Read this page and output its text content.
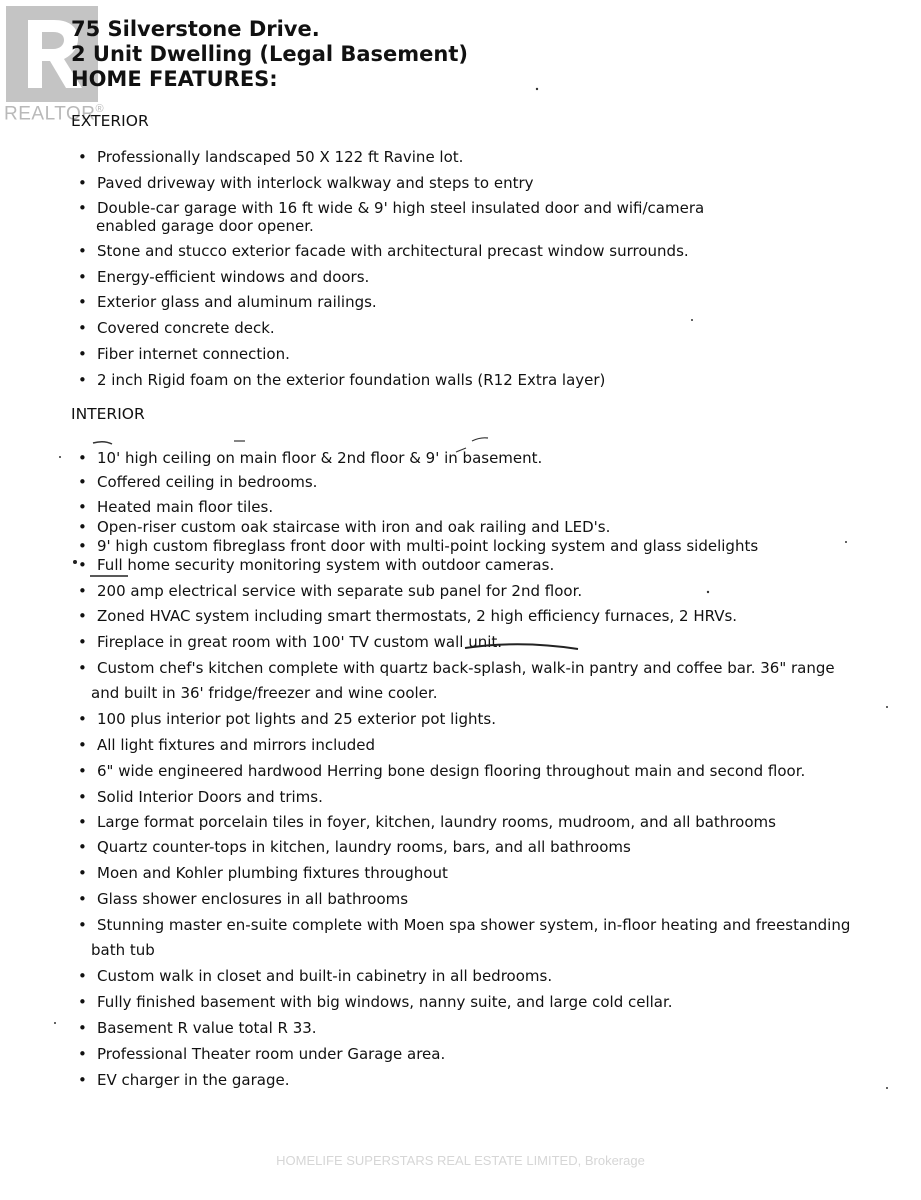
REALTOR®
75 Silverstone Drive.
2 Unit Dwelling (Legal Basement)
HOME FEATURES:
EXTERIOR
• Professionally landscaped 50 X 122 ft Ravine lot.
• Paved driveway with interlock walkway and steps to entry
• Double-car garage with 16 ft wide & 9' high steel insulated door and wifi/camera
enabled garage door opener.
• Stone and stucco exterior facade with architectural precast window surrounds.
• Energy-efficient windows and doors.
• Exterior glass and aluminum railings.
• Covered concrete deck.
• Fiber internet connection.
• 2 inch Rigid foam on the exterior foundation walls (R12 Extra layer)
INTERIOR
• 10' high ceiling on main floor & 2nd floor & 9' in basement.
• Coffered ceiling in bedrooms.
• Heated main floor tiles.
• Open-riser custom oak staircase with iron and oak railing and LED's.
• 9' high custom fibreglass front door with multi-point locking system and glass sidelights
• Full home security monitoring system with outdoor cameras.
• 200 amp electrical service with separate sub panel for 2nd floor.
• Zoned HVAC system including smart thermostats, 2 high efficiency furnaces, 2 HRVs.
• Fireplace in great room with 100' TV custom wall unit.
• Custom chef's kitchen complete with quartz back-splash, walk-in pantry and coffee bar. 36" range
and built in 36' fridge/freezer and wine cooler.
• 100 plus interior pot lights and 25 exterior pot lights.
• All light fixtures and mirrors included
• 6" wide engineered hardwood Herring bone design flooring throughout main and second floor.
• Solid Interior Doors and trims.
• Large format porcelain tiles in foyer, kitchen, laundry rooms, mudroom, and all bathrooms
• Quartz counter-tops in kitchen, laundry rooms, bars, and all bathrooms
• Moen and Kohler plumbing fixtures throughout
• Glass shower enclosures in all bathrooms
• Stunning master en-suite complete with Moen spa shower system, in-floor heating and freestanding
bath tub
• Custom walk in closet and built-in cabinetry in all bedrooms.
• Fully finished basement with big windows, nanny suite, and large cold cellar.
• Basement R value total R 33.
• Professional Theater room under Garage area.
• EV charger in the garage.
HOMELIFE SUPERSTARS REAL ESTATE LIMITED, Brokerage
